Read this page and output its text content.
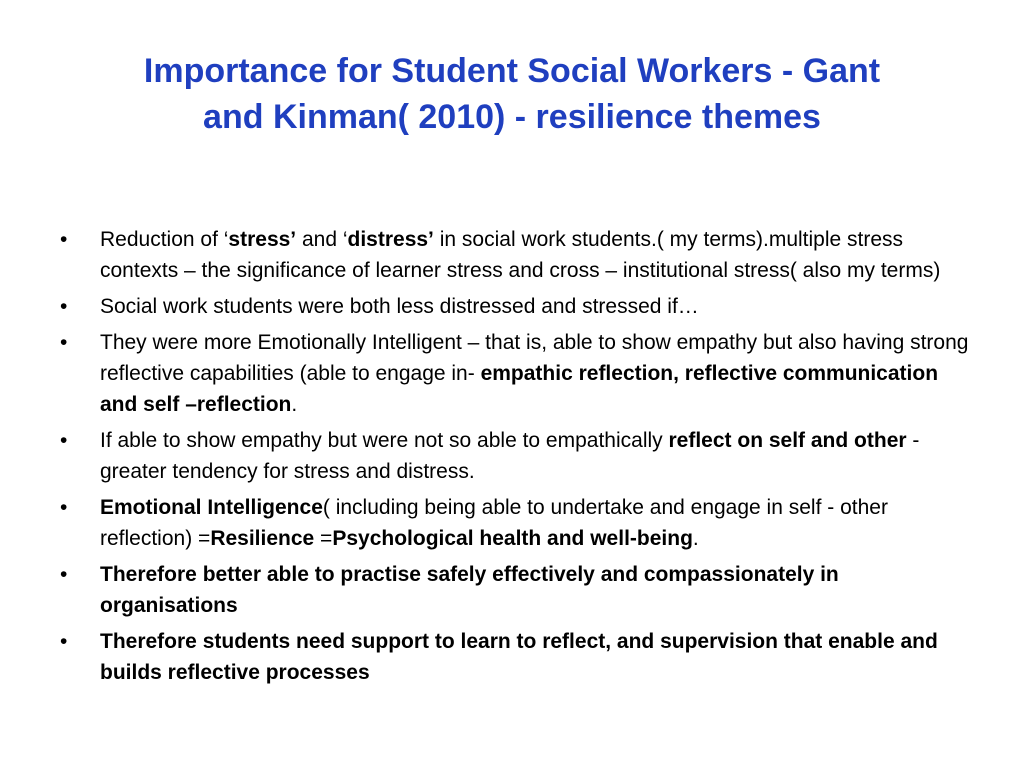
Importance for Student Social Workers - Gant
and Kinman( 2010) - resilience themes
•	Reduction of ‘stress’ and ‘distress’ in social work students.( my terms).multiple stress contexts – the significance of learner stress and cross – institutional stress( also my terms)
•	Social work students were both less distressed and stressed if…
•	They were more Emotionally Intelligent – that is, able to show empathy but also having strong reflective capabilities (able to engage in- empathic reflection, reflective communication and self –reflection.
•	If able to show empathy but were not so able to empathically reflect on self and other - greater tendency for stress and distress.
•	Emotional Intelligence( including being able to undertake and engage in self - other reflection) =Resilience =Psychological health and well-being.
•	Therefore better able to practise safely effectively and compassionately in organisations
•	Therefore students need support to learn to reflect, and supervision that enable and builds reflective processes
